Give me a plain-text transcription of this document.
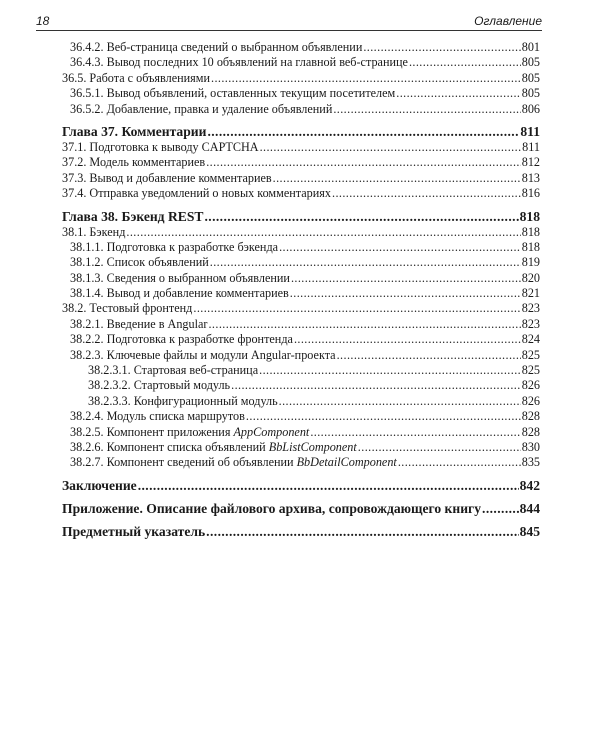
18	Оглавление
36.4.2. Веб-страница сведений о выбранном объявлении .....	801
36.4.3. Вывод последних 10 объявлений на главной веб-странице .....	805
36.5. Работа с объявлениями .....	805
36.5.1. Вывод объявлений, оставленных текущим посетителем .....	805
36.5.2. Добавление, правка и удаление объявлений .....	806
Глава 37. Комментарии .....	811
37.1. Подготовка к выводу CAPTCHA .....	811
37.2. Модель комментариев .....	812
37.3. Вывод и добавление комментариев .....	813
37.4. Отправка уведомлений о новых комментариях .....	816
Глава 38. Бэкенд REST .....	818
38.1. Бэкенд .....	818
38.1.1. Подготовка к разработке бэкенда .....	818
38.1.2. Список объявлений .....	819
38.1.3. Сведения о выбранном объявлении .....	820
38.1.4. Вывод и добавление комментариев .....	821
38.2. Тестовый фронтенд .....	823
38.2.1. Введение в Angular .....	823
38.2.2. Подготовка к разработке фронтенда .....	824
38.2.3. Ключевые файлы и модули Angular-проекта .....	825
38.2.3.1. Стартовая веб-страница .....	825
38.2.3.2. Стартовый модуль .....	826
38.2.3.3. Конфигурационный модуль .....	826
38.2.4. Модуль списка маршрутов .....	828
38.2.5. Компонент приложения AppComponent .....	828
38.2.6. Компонент списка объявлений BbListComponent .....	830
38.2.7. Компонент сведений об объявлении BbDetailComponent .....	835
Заключение .....	842
Приложение. Описание файлового архива, сопровождающего книгу .....	844
Предметный указатель .....	845
